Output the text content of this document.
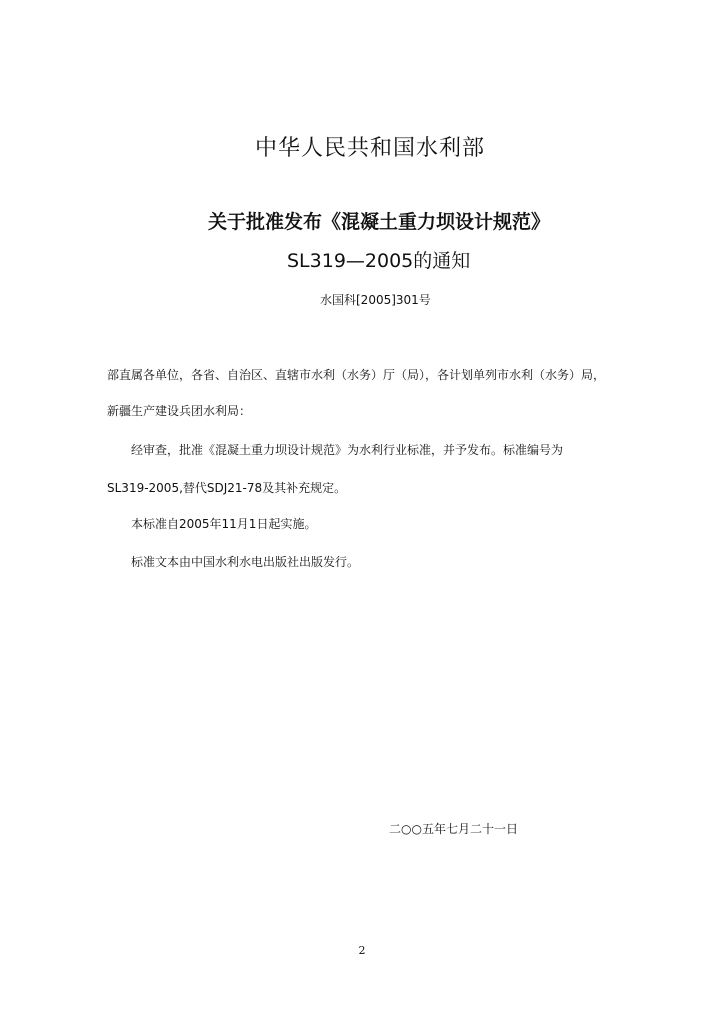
中华人民共和国水利部
关于批准发布《混凝土重力坝设计规范》
SL319—2005的通知
水国科[2005]301号
部直属各单位，各省、自治区、直辖市水利（水务）厅（局），各计划单列市水利（水务）局，
新疆生产建设兵团水利局：
经审查，批准《混凝土重力坝设计规范》为水利行业标准，并予发布。标准编号为
SL319-2005,替代SDJ21-78及其补充规定。
本标准自2005年11月1日起实施。
标准文本由中国水利水电出版社出版发行。
二○○五年七月二十一日
2
